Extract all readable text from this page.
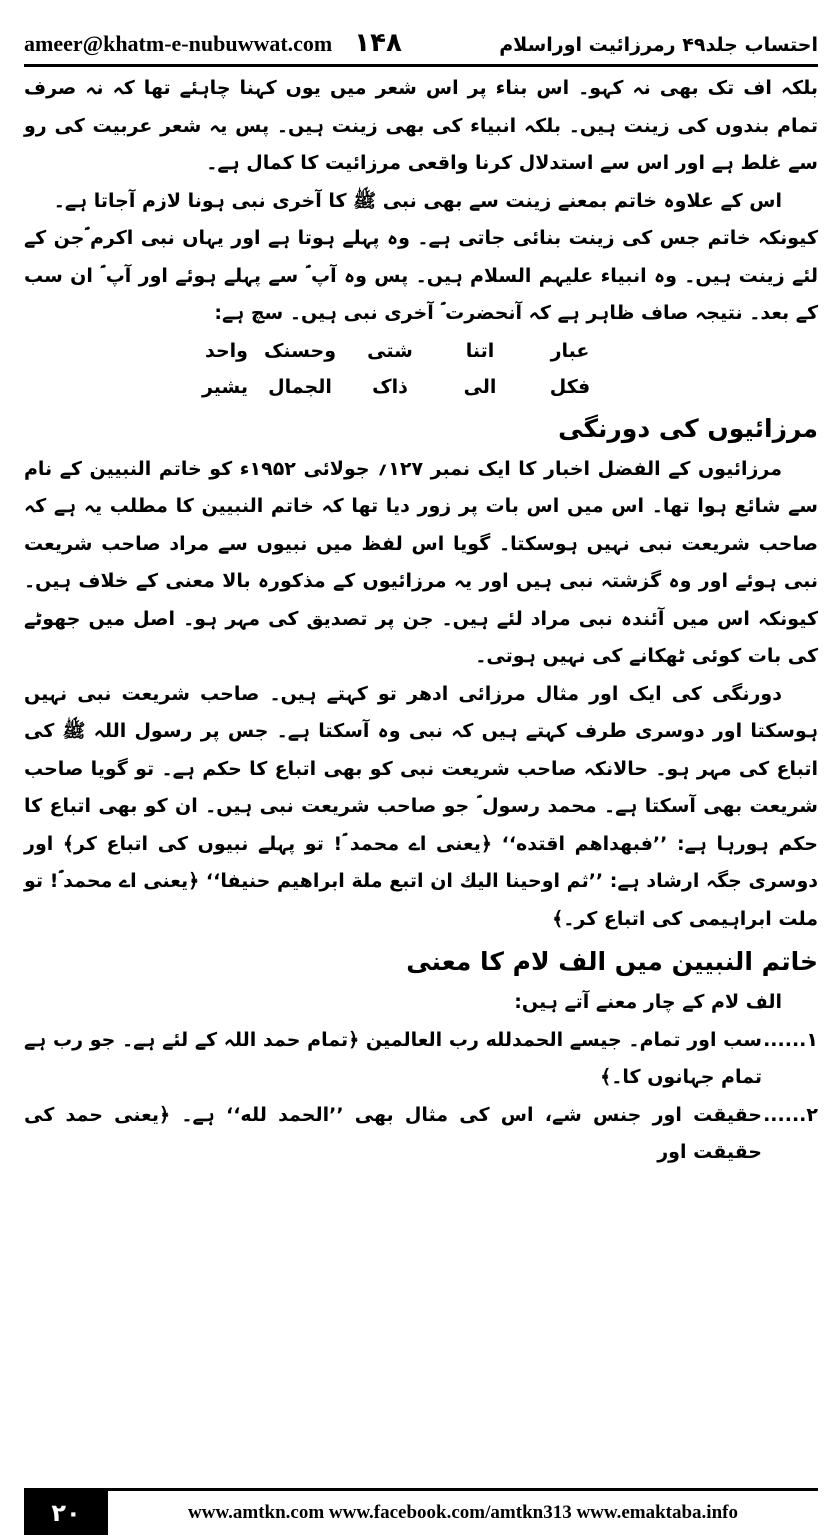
ameer@khatm-e-nubuwwat.com ۱۴۸	احتساب جلد۴۹ رمرزائیت اوراسلام

بلکہ اف تک بھی نہ کہو۔ اس بناء پر اس شعر میں یوں کہنا چاہئے تھا کہ نہ صرف تمام بندوں کی زینت ہیں۔ بلکہ انبیاء کی بھی زینت ہیں۔ پس یہ شعر عربیت کی رو سے غلط ہے اور اس سے استدلال کرنا واقعی مرزائیت کا کمال ہے۔

اس کے علاوہ خاتم بمعنے زینت سے بھی نبی ﷺ کا آخری نبی ہونا لازم آجاتا ہے۔

کیونکہ خاتم جس کی زینت بنائی جاتی ہے۔ وہ پہلے ہوتا ہے اور یہاں نبی اکرم ؐجن کے لئے زینت ہیں۔ وہ انبیاء علیہم السلام ہیں۔ پس وہ آپ ؐ سے پہلے ہوئے اور آپ ؐ ان سب کے بعد۔ نتیجہ صاف ظاہر ہے کہ آنحضرت ؐ آخری نبی ہیں۔ سچ ہے:

عبار
اتنا
شتی
وحسنک
واحد
فکل
الی
ذاک
الجمال
یشیر
مرزائیوں کی دورنگی

مرزائیوں کے الفضل اخبار کا ایک نمبر ۱۲۷؍ جولائی ۱۹۵۲ء کو خاتم النبیین کے نام سے شائع ہوا تھا۔ اس میں اس بات پر زور دیا تھا کہ خاتم النبیین کا مطلب یہ ہے کہ صاحب شریعت نبی نہیں ہوسکتا۔ گویا اس لفظ میں نبیوں سے مراد صاحب شریعت نبی ہوئے اور وہ گزشتہ نبی ہیں اور یہ مرزائیوں کے مذکورہ بالا معنی کے خلاف ہیں۔ کیونکہ اس میں آئندہ نبی مراد لئے ہیں۔ جن پر تصدیق کی مہر ہو۔ اصل میں جھوٹے کی بات کوئی ٹھکانے کی نہیں ہوتی۔

دورنگی کی ایک اور مثال مرزائی ادھر تو کہتے ہیں۔ صاحب شریعت نبی نہیں ہوسکتا اور دوسری طرف کہتے ہیں کہ نبی وہ آسکتا ہے۔ جس پر رسول اللہ ﷺ کی اتباع کی مہر ہو۔ حالانکہ صاحب شریعت نبی کو بھی اتباع کا حکم ہے۔ تو گویا صاحب شریعت بھی آسکتا ہے۔ محمد رسول ؐ جو صاحب شریعت نبی ہیں۔ ان کو بھی اتباع کا حکم ہورہا ہے: ’’فبهداهم اقتده‘‘ ﴿یعنی اے محمد ؐ! تو پہلے نبیوں کی اتباع کر﴾ اور دوسری جگہ ارشاد ہے: ’’ثم اوحينا اليك ان اتبع ملة ابراهيم حنيفا‘‘ ﴿یعنی اے محمد ؐ! تو ملت ابراہیمی کی اتباع کر۔﴾

خاتم النبیین میں الف لام کا معنی

الف لام کے چار معنے آتے ہیں:

۱......
سب اور تمام۔ جیسے الحمدلله رب العالمين ﴿تمام حمد اللہ کے لئے ہے۔ جو رب ہے تمام جہانوں کا۔﴾
۲......
حقیقت اور جنس شے، اس کی مثال بھی ’’الحمد لله‘‘ ہے۔ ﴿یعنی حمد کی حقیقت اور
۲۰	www.amtkn.com www.facebook.com/amtkn313 www.emaktaba.info
